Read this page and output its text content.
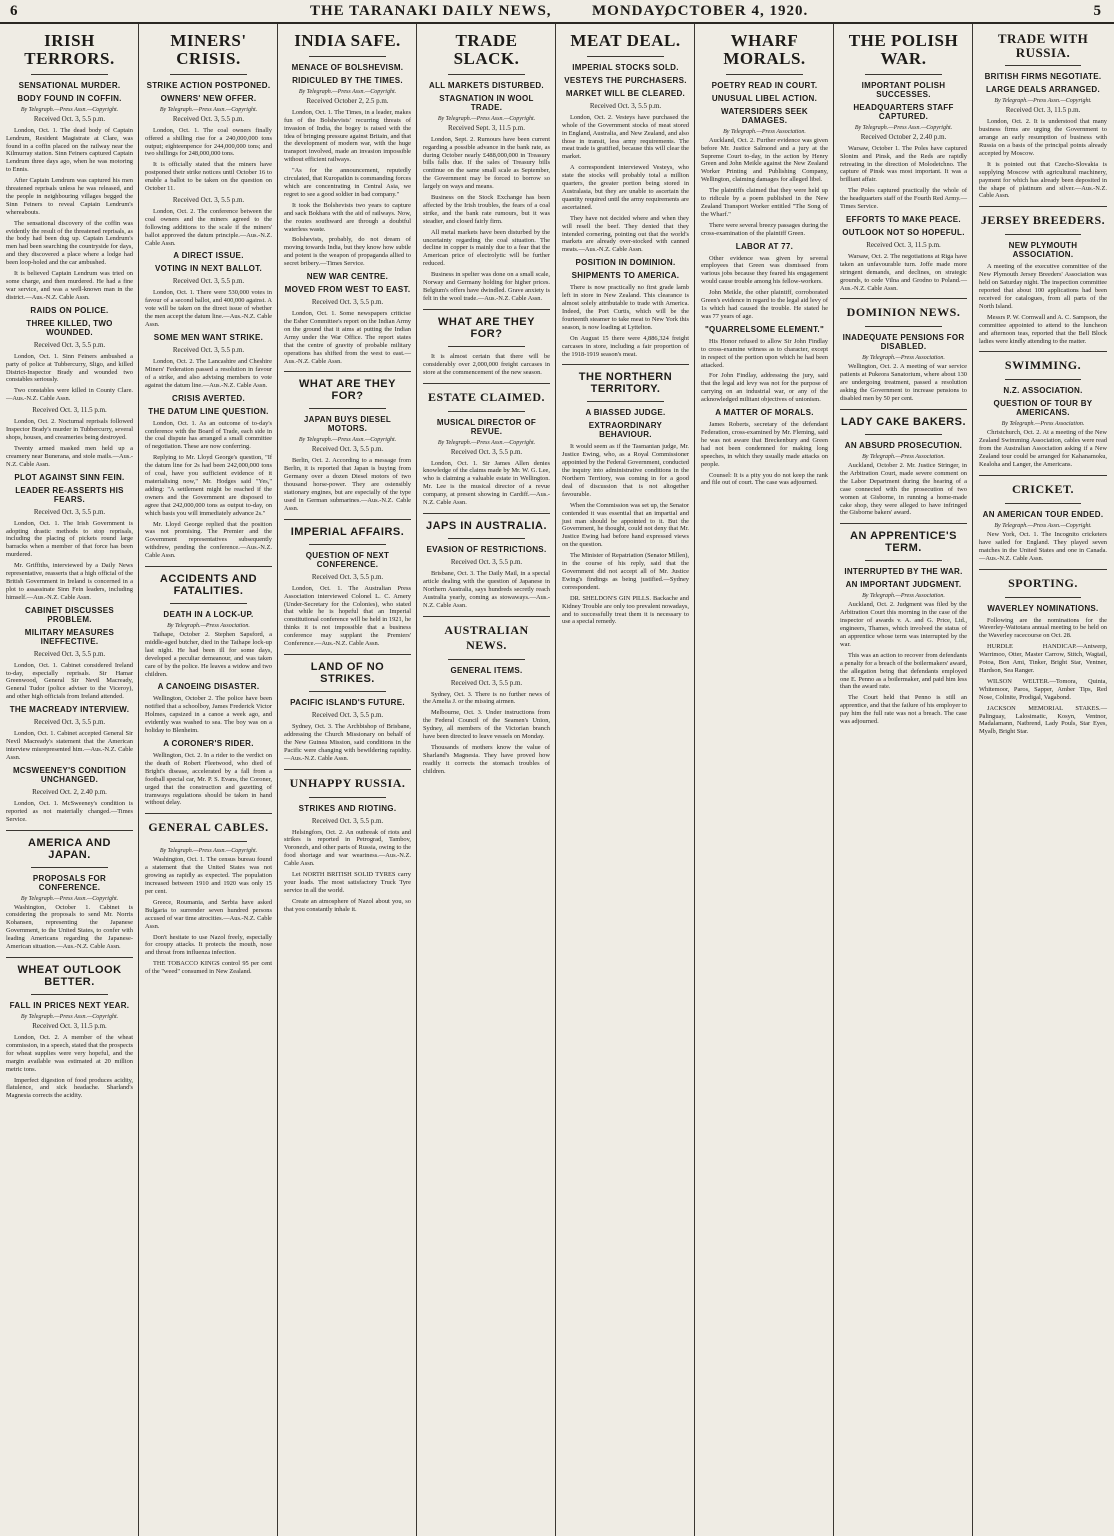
6	THE TARANAKI DAILY NEWS,	MONDAY,
OCTOBER 4, 1920.	5
IRISH TERRORS.
SENSATIONAL MURDER.
BODY FOUND IN COFFIN.
By Telegraph.—Press Assn.—Copyright.
Received Oct. 3, 5.5 p.m.
London, Oct. 1. The dead body of Captain Lendrum, Resident Magistrate at Clare, was found in a coffin placed on the railway near the Kilmurray station. Sinn Feiners captured Captain Lendrum three days ago, when he was motoring to Ennis.
After Captain Lendrum was captured his men threatened reprisals unless he was released, and the people in neighbouring villages begged the Sinn Feiners to reveal Captain Lendrum's whereabouts.
The sensational discovery of the coffin was evidently the result of the threatened reprisals, as the body had been dug up. Captain Lendrum's men had been searching the countryside for days, and they discovered a place where a lodge had been loop-holed and the car ambushed.
It is believed Captain Lendrum was tried on some charge, and then murdered. He had a fine war service, and was a well-known man in the district.—Aus.-N.Z. Cable Assn.
RAIDS ON POLICE.
THREE KILLED, TWO WOUNDED.
Received Oct. 3, 5.5 p.m.
London, Oct. 1. Sinn Feiners ambushed a party of police at Tubbercurry, Sligo, and killed District-Inspector Brady and wounded two constables seriously.
Two constables were killed in County Clare.—Aus.-N.Z. Cable Assn.
Received Oct. 3, 11.5 p.m.
London, Oct. 2. Nocturnal reprisals followed Inspector Brady's murder in Tubbercurry, several shops, houses, and creameries being destroyed.
Twenty armed masked men held up a creamery near Bunerana, and stole mails.—Aus.-N.Z. Cable Assn.
PLOT AGAINST SINN FEIN.
LEADER RE-ASSERTS HIS FEARS.
Received Oct. 3, 5.5 p.m.
London, Oct. 1. The Irish Government is adopting drastic methods to stop reprisals, including the placing of pickets round large barracks when a member of that force has been murdered.
Mr. Griffiths, interviewed by a Daily News representative, reasserts that a high official of the British Government in Ireland is concerned in a plot to assassinate Sinn Fein leaders, including himself.—Aus.-N.Z. Cable Assn.
CABINET DISCUSSES PROBLEM.
MILITARY MEASURES INEFFECTIVE.
Received Oct. 3, 5.5 p.m.
London, Oct. 1. Cabinet considered Ireland to-day, especially reprisals. Sir Hamar Greenwood, General Sir Nevil Macready, General Tudor (police adviser to the Viceroy), and other high officials from Ireland attended.
THE MACREADY INTERVIEW.
Received Oct. 3, 5.5 p.m.
London, Oct. 1. Cabinet accepted General Sir Nevil Macready's statement that the American interview misrepresented him.—Aus.-N.Z. Cable Assn.
MCSWEENEY'S CONDITION UNCHANGED.
Received Oct. 2, 2.40 p.m.
London, Oct. 1. McSweeney's condition is reported as not materially changed.—Times Service.
AMERICA AND JAPAN.
PROPOSALS FOR CONFERENCE.
By Telegraph.—Press Assn.—Copyright.
Washington, October 1. Cabinet is considering the proposals to send Mr. Norris Kohansen, representing the Japanese Government, to the United States, to confer with leading Americans regarding the Japanese-American situation.—Aus.-N.Z. Cable Assn.
WHEAT OUTLOOK BETTER.
FALL IN PRICES NEXT YEAR.
By Telegraph.—Press Assn.—Copyright.
Received Oct. 3, 11.5 p.m.
London, Oct. 2. A member of the wheat commission, in a speech, stated that the prospects for wheat supplies were very hopeful, and the margin available was estimated at 20 million metric tons.
Imperfect digestion of food produces acidity, flatulence, and sick headache. Sharland's Magnesia corrects the acidity.
MINERS' CRISIS.
STRIKE ACTION POSTPONED.
OWNERS' NEW OFFER.
By Telegraph.—Press Assn.—Copyright.
Received Oct. 3, 5.5 p.m.
London, Oct. 1. The coal owners finally offered a shilling rise for a 240,000,000 tons output; eighteenpence for 244,000,000 tons; and two shillings for 248,000,000 tons.
It is officially stated that the miners have postponed their strike notices until October 16 to enable a ballot to be taken on the question on October 11.
Received Oct. 3, 5.5 p.m.
London, Oct. 2. The conference between the coal owners and the miners agreed to the following additions to the scale if the miners' ballot approved the datum principle.—Aus.-N.Z. Cable Assn.
A DIRECT ISSUE.
VOTING IN NEXT BALLOT.
Received Oct. 3, 5.5 p.m.
London, Oct. 1. There were 530,000 votes in favour of a second ballot, and 400,000 against. A vote will be taken on the direct issue of whether the men accept the datum line.—Aus.-N.Z. Cable Assn.
SOME MEN WANT STRIKE.
Received Oct. 3, 5.5 p.m.
London, Oct. 2. The Lancashire and Cheshire Miners' Federation passed a resolution in favour of a strike, and also advising members to vote against the datum line.—Aus.-N.Z. Cable Assn.
CRISIS AVERTED.
THE DATUM LINE QUESTION.
London, Oct. 1. As an outcome of to-day's conference with the Board of Trade, each side in the coal dispute has arranged a small committee of negotiation. These are now conferring.
Replying to Mr. Lloyd George's question, "If the datum line for 2s had been 242,000,000 tons of coal, have you sufficient evidence of it materialising now," Mr. Hodges said "Yes," adding: "A settlement might be reached if the owners and the Government are disposed to agree that 242,000,000 tons as output to-day, on which basis you will immediately advance 2s."
Mr. Lloyd George replied that the position was not promising. The Premier and the Government representatives subsequently withdrew, pending the conference.—Aus.-N.Z. Cable Assn.
ACCIDENTS AND FATALITIES.
DEATH IN A LOCK-UP.
By Telegraph.—Press Association.
Taihape, October 2. Stephen Sapsford, a middle-aged butcher, died in the Taihape lock-up last night. He had been ill for some days, developed a peculiar demeanour, and was taken care of by the police. He leaves a widow and two children.
A CANOEING DISASTER.
Wellington, October 2. The police have been notified that a schoolboy, James Frederick Victor Holmes, capsized in a canoe a week ago, and evidently was washed to sea. The boy was on a holiday to Blenheim.
A CORONER'S RIDER.
Wellington, Oct. 2. In a rider to the verdict on the death of Robert Fleetwood, who died of Bright's disease, accelerated by a fall from a football special car, Mr. P. S. Evans, the Coroner, urged that the construction and gazetting of tramways regulations should be taken in hand without delay.
GENERAL CABLES.
By Telegraph.—Press Assn.—Copyright.
Washington, Oct. 1. The census bureau found a statement that the United States was not growing as rapidly as expected. The population increased between 1910 and 1920 was only 15 per cent.
Greece, Roumania, and Serbia have asked Bulgaria to surrender seven hundred persons accused of war time atrocities.—Aus.-N.Z. Cable Assn.
Don't hesitate to use Nazol freely, especially for croupy attacks. It protects the mouth, nose and throat from influenza infection.
THE TOBACCO KINGS control 95 per cent of the "weed" consumed in New Zealand.
INDIA SAFE.
MENACE OF BOLSHEVISM.
RIDICULED BY THE TIMES.
By Telegraph.—Press Assn.—Copyright.
Received October 2, 2.5 p.m.
London, Oct. 1. The Times, in a leader, makes fun of the Bolshevists' recurring threats of invasion of India, the bogey is raised with the idea of bringing pressure against Britain, and that the development of modern war, with the huge transport involved, made an invasion impossible without efficient railways.
"As for the announcement, reputedly circulated, that Kuropatkin is commanding forces which are concentrating in Central Asia, we regret to see a good soldier in bad company."
It took the Bolshevists two years to capture and sack Bokhara with the aid of railways. Now, the routes southward are through a doubtful waterless waste.
Bolshevists, probably, do not dream of moving towards India, but they know how subtle and potent is the weapon of propaganda allied to secret bribery.—Times Service.
NEW WAR CENTRE.
MOVED FROM WEST TO EAST.
Received Oct. 3, 5.5 p.m.
London, Oct. 1. Some newspapers criticise the Esher Committee's report on the Indian Army on the ground that it aims at putting the Indian Army under the War Office. The report states that the centre of gravity of probable military operations has shifted from the west to east.—Aus.-N.Z. Cable Assn.
WHAT ARE THEY FOR?
JAPAN BUYS DIESEL MOTORS.
By Telegraph.—Press Assn.—Copyright.
Received Oct. 3, 5.5 p.m.
Berlin, Oct. 2. According to a message from Berlin, it is reported that Japan is buying from Germany over a dozen Diesel motors of two thousand horse-power. They are ostensibly stationary engines, but are especially of the type used in German submarines.—Aus.-N.Z. Cable Assn.
IMPERIAL AFFAIRS.
QUESTION OF NEXT CONFERENCE.
Received Oct. 3, 5.5 p.m.
London, Oct. 1. The Australian Press Association interviewed Colonel L. C. Amery (Under-Secretary for the Colonies), who stated that while he is hopeful that an Imperial constitutional conference will be held in 1921, he thinks it is not impossible that a business conference may supplant the Premiers' Conference.—Aus.-N.Z. Cable Assn.
LAND OF NO STRIKES.
PACIFIC ISLAND'S FUTURE.
Received Oct. 3, 5.5 p.m.
Sydney, Oct. 3. The Archbishop of Brisbane, addressing the Church Missionary on behalf of the New Guinea Mission, said conditions in the Pacific were changing with bewildering rapidity.—Aus.-N.Z. Cable Assn.
UNHAPPY RUSSIA.
STRIKES AND RIOTING.
Received Oct. 3, 5.5 p.m.
Helsingfors, Oct. 2. An outbreak of riots and strikes is reported in Petrograd, Tambov, Voronezh, and other parts of Russia, owing to the food shortage and war weariness.—Aus.-N.Z. Cable Assn.
Let NORTH BRITISH SOLID TYRES carry your loads. The most satisfactory Truck Tyre service in all the world.
Create an atmosphere of Nazol about you, so that you constantly inhale it.
TRADE SLACK.
ALL MARKETS DISTURBED.
STAGNATION IN WOOL TRADE.
By Telegraph.—Press Assn.—Copyright.
Received Sept. 3, 11.5 p.m.
London, Sept. 2. Rumours have been current regarding a possible advance in the bank rate, as during October nearly £488,000,000 in Treasury bills falls due. If the sales of Treasury bills continue on the same small scale as September, the Government may be forced to borrow so largely on ways and means.
Business on the Stock Exchange has been affected by the Irish troubles, the fears of a coal strike, and the bank rate rumours, but it was steadier, and closed fairly firm.
All metal markets have been disturbed by the uncertainty regarding the coal situation. The decline in copper is mainly due to a fear that the American price of electrolytic will be further reduced.
Business in spelter was done on a small scale, Norway and Germany holding for higher prices. Belgium's offers have dwindled. Grave anxiety is felt in the wool trade.—Aus.-N.Z. Cable Assn.
WHAT ARE THEY FOR?
It is almost certain that there will be considerably over 2,000,000 freight carcases in store at the commencement of the new season.
ESTATE CLAIMED.
MUSICAL DIRECTOR OF REVUE.
By Telegraph.—Press Assn.—Copyright.
Received Oct. 3, 5.5 p.m.
London, Oct. 1. Sir James Allen denies knowledge of the claims made by Mr. W. G. Lee, who is claiming a valuable estate in Wellington. Mr. Lee is the musical director of a revue company, at present showing in Cardiff.—Aus.-N.Z. Cable Assn.
JAPS IN AUSTRALIA.
EVASION OF RESTRICTIONS.
Received Oct. 3, 5.5 p.m.
Brisbane, Oct. 3. The Daily Mail, in a special article dealing with the question of Japanese in Northern Australia, says hundreds secretly reach Australia yearly, coming as stowaways.—Aus.-N.Z. Cable Assn.
AUSTRALIAN NEWS.
GENERAL ITEMS.
Received Oct. 3, 5.5 p.m.
Sydney, Oct. 3. There is no further news of the Amelia J. or the missing airmen.
Melbourne, Oct. 3. Under instructions from the Federal Council of the Seamen's Union, Sydney, all members of the Victorian branch have been directed to leave vessels on Monday.
Thousands of mothers know the value of Sharland's Magnesia. They have proved how readily it corrects the stomach troubles of children.
MEAT DEAL.
IMPERIAL STOCKS SOLD.
VESTEYS THE PURCHASERS.
MARKET WILL BE CLEARED.
Received Oct. 3, 5.5 p.m.
London, Oct. 2. Vesteys have purchased the whole of the Government stocks of meat stored in England, Australia, and New Zealand, and also those in transit, less army requirements. The meat trade is gratified, because this will clear the market.
A correspondent interviewed Vesteys, who state the stocks will probably total a million quarters, the greater portion being stored in Australasia, but they are unable to ascertain the quantity required until the army requirements are ascertained.
They have not decided where and when they will resell the beef. They denied that they intended cornering, pointing out that the world's markets are already over-stocked with canned meats.—Aus.-N.Z. Cable Assn.
POSITION IN DOMINION.
SHIPMENTS TO AMERICA.
There is now practically no first grade lamb left in store in New Zealand. This clearance is almost solely attributable to trade with America. Indeed, the Port Curtis, which will be the fourteenth steamer to take meat to New York this season, is now loading at Lyttelton.
On August 15 there were 4,886,324 freight carcases in store, including a fair proportion of the 1918-1919 season's meat.
THE NORTHERN TERRITORY.
A BIASSED JUDGE.
EXTRAORDINARY BEHAVIOUR.
It would seem as if the Tasmanian judge, Mr. Justice Ewing, who, as a Royal Commissioner appointed by the Federal Government, conducted the inquiry into administrative conditions in the Northern Territory, was coming in for a good deal of discussion that is not altogether favourable.
When the Commission was set up, the Senator contended it was essential that an impartial and just man should be appointed to it. But the Government, he thought, could not deny that Mr. Justice Ewing had before hand expressed views on the question.
The Minister of Repatriation (Senator Millen), in the course of his reply, said that the Government did not accept all of Mr. Justice Ewing's findings as being justified.—Sydney correspondent.
DR. SHELDON'S GIN PILLS. Backache and Kidney Trouble are only too prevalent nowadays, and to successfully treat them it is necessary to use a special remedy.
WHARF MORALS.
POETRY READ IN COURT.
UNUSUAL LIBEL ACTION.
WATERSIDERS SEEK DAMAGES.
By Telegraph.—Press Association.
Auckland, Oct. 2. Further evidence was given before Mr. Justice Salmond and a jury at the Supreme Court to-day, in the action by Henry Green and John Meikle against the New Zealand Worker Printing and Publishing Company, Wellington, claiming damages for alleged libel.
The plaintiffs claimed that they were held up to ridicule by a poem published in the New Zealand Transport Worker entitled "The Song of the Wharf."
There were several breezy passages during the cross-examination of the plaintiff Green.
LABOR AT 77.
Other evidence was given by several employees that Green was dismissed from various jobs because they feared his engagement would cause trouble among his fellow-workers.
John Meikle, the other plaintiff, corroborated Green's evidence in regard to the legal aid levy of 1s which had caused the trouble. He stated he was 77 years of age.
"QUARRELSOME ELEMENT."
His Honor refused to allow Sir John Findlay to cross-examine witness as to character, except in respect of the portion upon which he had been attacked.
For John Findlay, addressing the jury, said that the legal aid levy was not for the purpose of carrying on an industrial war, or any of the acknowledged militant objectives of unionism.
A MATTER OF MORALS.
James Roberts, secretary of the defendant Federation, cross-examined by Mr. Fleming, said he was not aware that Breckenbury and Green had not been condemned for making long speeches, in which they usually made attacks on people.
Counsel: It is a pity you do not keep the rank and file out of court. The case was adjourned.
THE POLISH WAR.
IMPORTANT POLISH SUCCESSES.
HEADQUARTERS STAFF CAPTURED.
By Telegraph.—Press Assn.—Copyright.
Received October 2, 2.40 p.m.
Warsaw, October 1. The Poles have captured Slonim and Pinsk, and the Reds are rapidly retreating in the direction of Molodetchno. The capture of Pinsk was most important. It was a brilliant affair.
The Poles captured practically the whole of the headquarters staff of the Fourth Red Army.—Times Service.
EFFORTS TO MAKE PEACE.
OUTLOOK NOT SO HOPEFUL.
Received Oct. 3, 11.5 p.m.
Warsaw, Oct. 2. The negotiations at Riga have taken an unfavourable turn. Joffe made more stringent demands, and declines, on strategic grounds, to cede Vilna and Grodno to Poland.—Aus.-N.Z. Cable Assn.
DOMINION NEWS.
INADEQUATE PENSIONS FOR DISABLED.
By Telegraph.—Press Association.
Wellington, Oct. 2. A meeting of war service patients at Pukeora Sanatorium, where about 130 are undergoing treatment, passed a resolution asking the Government to increase pensions to disabled men by 50 per cent.
LADY CAKE BAKERS.
AN ABSURD PROSECUTION.
By Telegraph.—Press Association.
Auckland, October 2. Mr. Justice Stringer, in the Arbitration Court, made severe comment on the Labor Department during the hearing of a case connected with the prosecution of two women at Gisborne, in running a home-made cake shop, they were alleged to have infringed the Gisborne bakers' award.
AN APPRENTICE'S TERM.
INTERRUPTED BY THE WAR.
AN IMPORTANT JUDGMENT.
By Telegraph.—Press Association.
Auckland, Oct. 2. Judgment was filed by the Arbitration Court this morning in the case of the inspector of awards v. A. and G. Price, Ltd., engineers, Thames, which involved the status of an apprentice whose term was interrupted by the war.
This was an action to recover from defendants a penalty for a breach of the boilermakers' award, the allegation being that defendants employed one E. Penno as a boilermaker, and paid him less than the award rate.
The Court held that Penno is still an apprentice, and that the failure of his employer to pay him the full rate was not a breach. The case was adjourned.
TRADE WITH RUSSIA.
BRITISH FIRMS NEGOTIATE.
LARGE DEALS ARRANGED.
By Telegraph.—Press Assn.—Copyright.
Received Oct. 3, 11.5 p.m.
London, Oct. 2. It is understood that many business firms are urging the Government to arrange an early resumption of business with Russia on a basis of the principal points already accepted by Moscow.
It is pointed out that Czecho-Slovakia is supplying Moscow with agricultural machinery, payment for which has already been deposited in the shape of platinum and silver.—Aus.-N.Z. Cable Assn.
JERSEY BREEDERS.
NEW PLYMOUTH ASSOCIATION.
A meeting of the executive committee of the New Plymouth Jersey Breeders' Association was held on Saturday night. The inspection committee reported that about 100 applications had been received for catalogues, from all parts of the North Island.
Messrs P. W. Cornwall and A. C. Sampson, the committee appointed to attend to the luncheon and afternoon teas, reported that the Bell Block ladies were kindly attending to the matter.
SWIMMING.
N.Z. ASSOCIATION.
QUESTION OF TOUR BY AMERICANS.
By Telegraph.—Press Association.
Christchurch, Oct. 2. At a meeting of the New Zealand Swimming Association, cables were read from the Australian Association asking if a New Zealand tour could be arranged for Kahanamoku, Kealoha and Langer, the Americans.
CRICKET.
AN AMERICAN TOUR ENDED.
By Telegraph.—Press Assn.—Copyright.
New York, Oct. 1. The Incognito cricketers have sailed for England. They played seven matches in the United States and one in Canada.—Aus.-N.Z. Cable Assn.
SPORTING.
WAVERLEY NOMINATIONS.
Following are the nominations for the Waverley-Waitotara annual meeting to be held on the Waverley racecourse on Oct. 28.
HURDLE HANDICAP.—Antwerp, Warrimoo, Otter, Master Carrow, Stitch, Wagtail, Potoa, Bon Ami, Tinker, Bright Star, Ventner, Hardson, Sea Ranger.
WILSON WELTER.—Tomora, Quinta, Whitemoor, Paros, Sapper, Amber Tips, Red Nose, Colinite, Prodigal, Vagabond.
JACKSON MEMORIAL STAKES.—Palinguay, Lalosimatic, Kosyn, Ventnor, Madalamann, Natbrend, Lady Pouls, Star Eyes, Myalb, Bright Star.
